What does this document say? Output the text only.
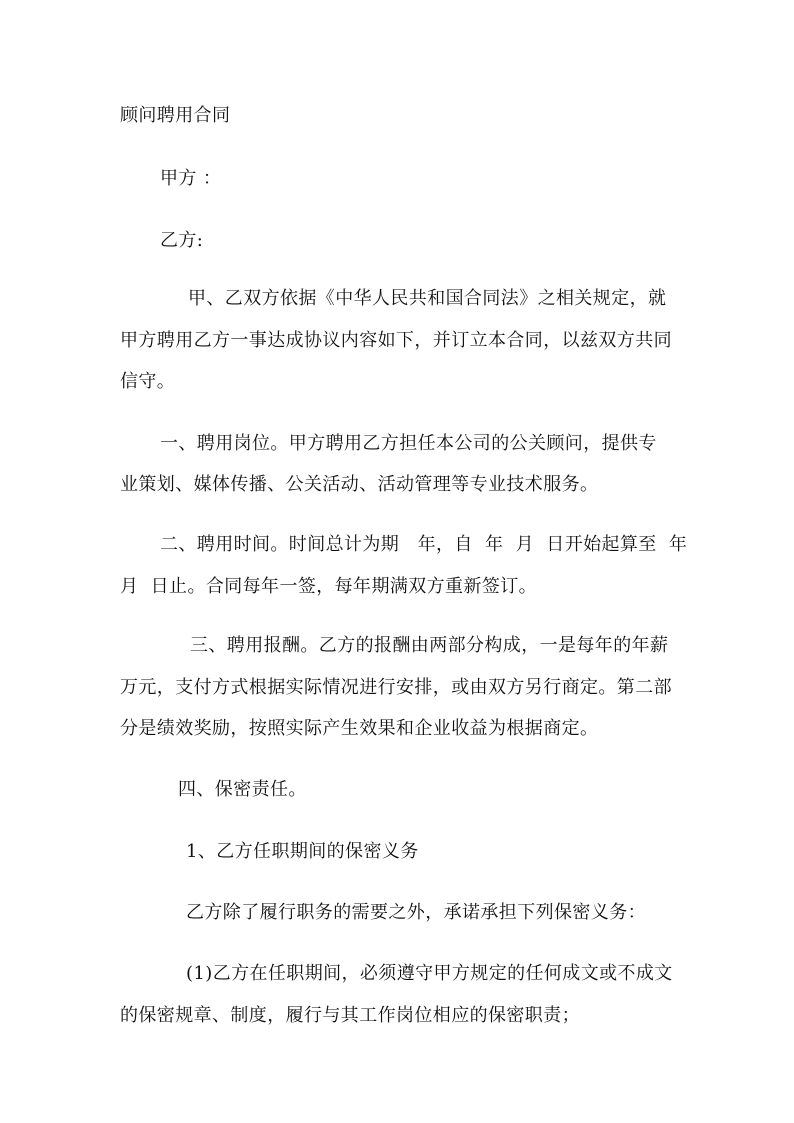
顾问聘用合同
甲方 ：
乙方:
甲、乙双方依据《中华人民共和国合同法》之相关规定，就
甲方聘用乙方一事达成协议内容如下，并订立本合同，以兹双方共同
信守。
一、聘用岗位。甲方聘用乙方担任本公司的公关顾问，提供专
业策划、媒体传播、公关活动、活动管理等专业技术服务。
二、聘用时间。时间总计为期   年，自  年  月  日开始起算至  年
月  日止。合同每年一签，每年期满双方重新签订。
三、聘用报酬。乙方的报酬由两部分构成，一是每年的年薪
万元，支付方式根据实际情况进行安排，或由双方另行商定。第二部
分是绩效奖励，按照实际产生效果和企业收益为根据商定。
四、保密责任。
1、乙方任职期间的保密义务
乙方除了履行职务的需要之外，承诺承担下列保密义务：
(1)乙方在任职期间，必须遵守甲方规定的任何成文或不成文
的保密规章、制度，履行与其工作岗位相应的保密职责；
